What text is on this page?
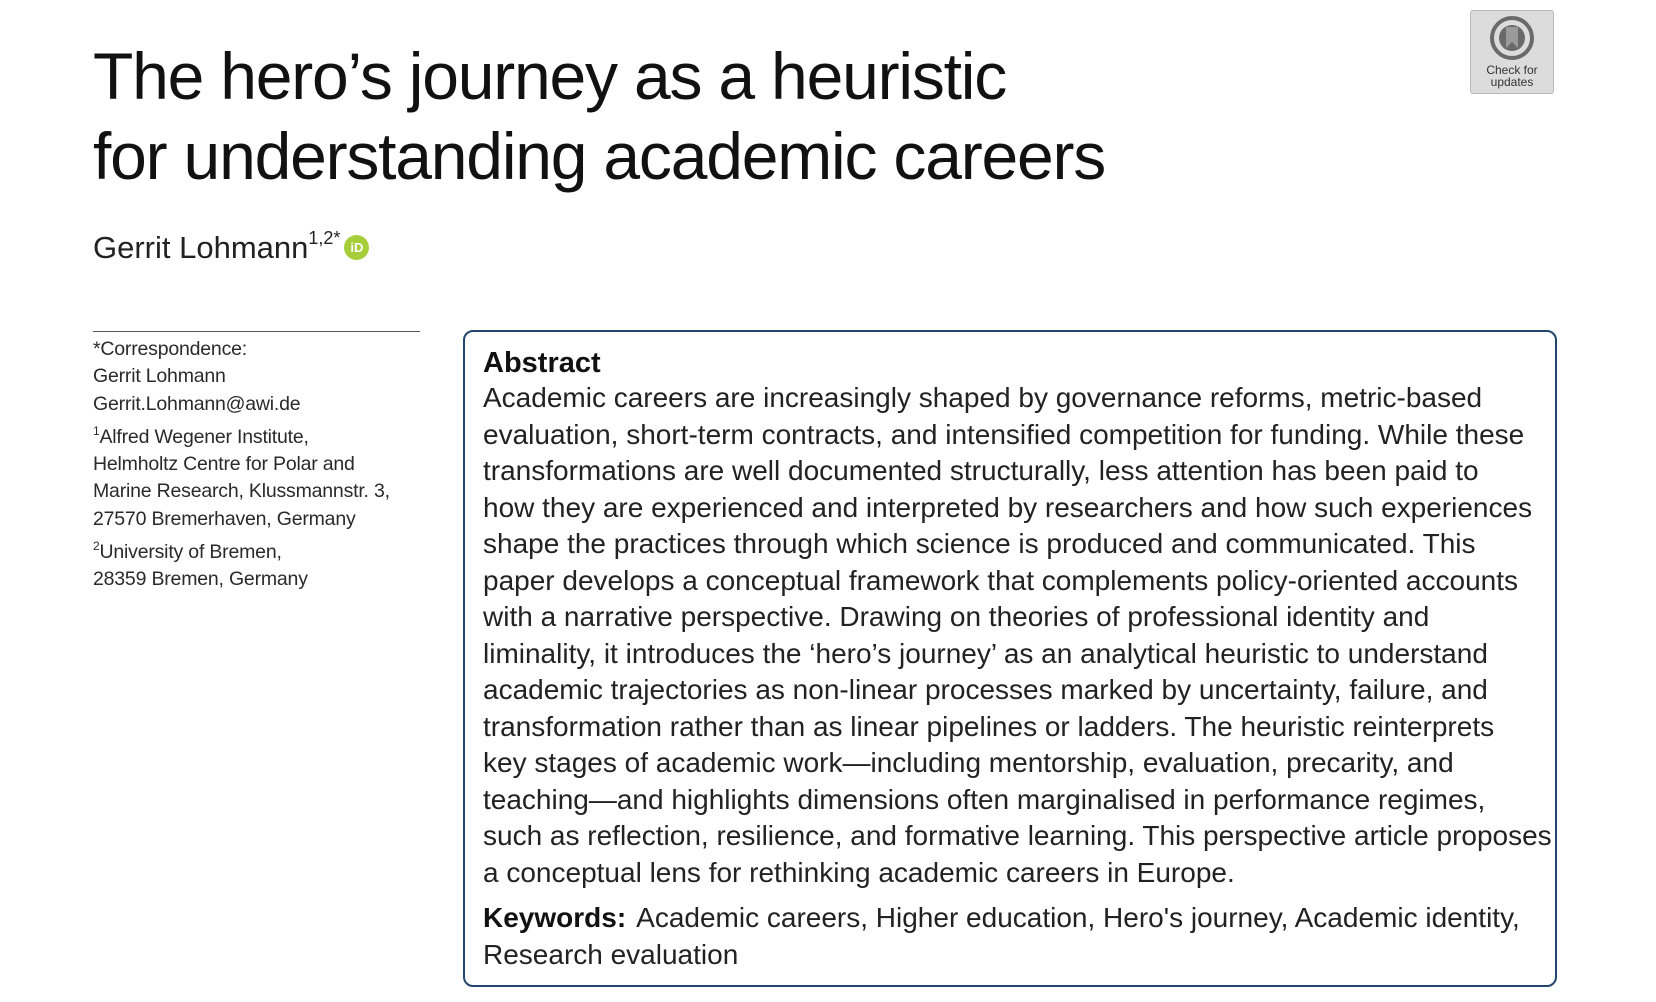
The hero’s journey as a heuristic
for understanding academic careers
Gerrit Lohmann$^{1,2*}$ iD
Check for
updates
*Correspondence:
Gerrit Lohmann
Gerrit.Lohmann@awi.de
$^1$Alfred Wegener Institute,
Helmholtz Centre for Polar and
Marine Research, Klussmannstr. 3,
27570 Bremerhaven, Germany
$^2$University of Bremen,
28359 Bremen, Germany
Abstract
Academic careers are increasingly shaped by governance reforms, metric-based
evaluation, short-term contracts, and intensified competition for funding. While these
transformations are well documented structurally, less attention has been paid to
how they are experienced and interpreted by researchers and how such experiences
shape the practices through which science is produced and communicated. This
paper develops a conceptual framework that complements policy-oriented accounts
with a narrative perspective. Drawing on theories of professional identity and
liminality, it introduces the ‘hero’s journey’ as an analytical heuristic to understand
academic trajectories as non-linear processes marked by uncertainty, failure, and
transformation rather than as linear pipelines or ladders. The heuristic reinterprets
key stages of academic work—including mentorship, evaluation, precarity, and
teaching—and highlights dimensions often marginalised in performance regimes,
such as reflection, resilience, and formative learning. This perspective article proposes
a conceptual lens for rethinking academic careers in Europe.
Keywords: Academic careers, Higher education, Hero's journey, Academic identity,
Research evaluation
